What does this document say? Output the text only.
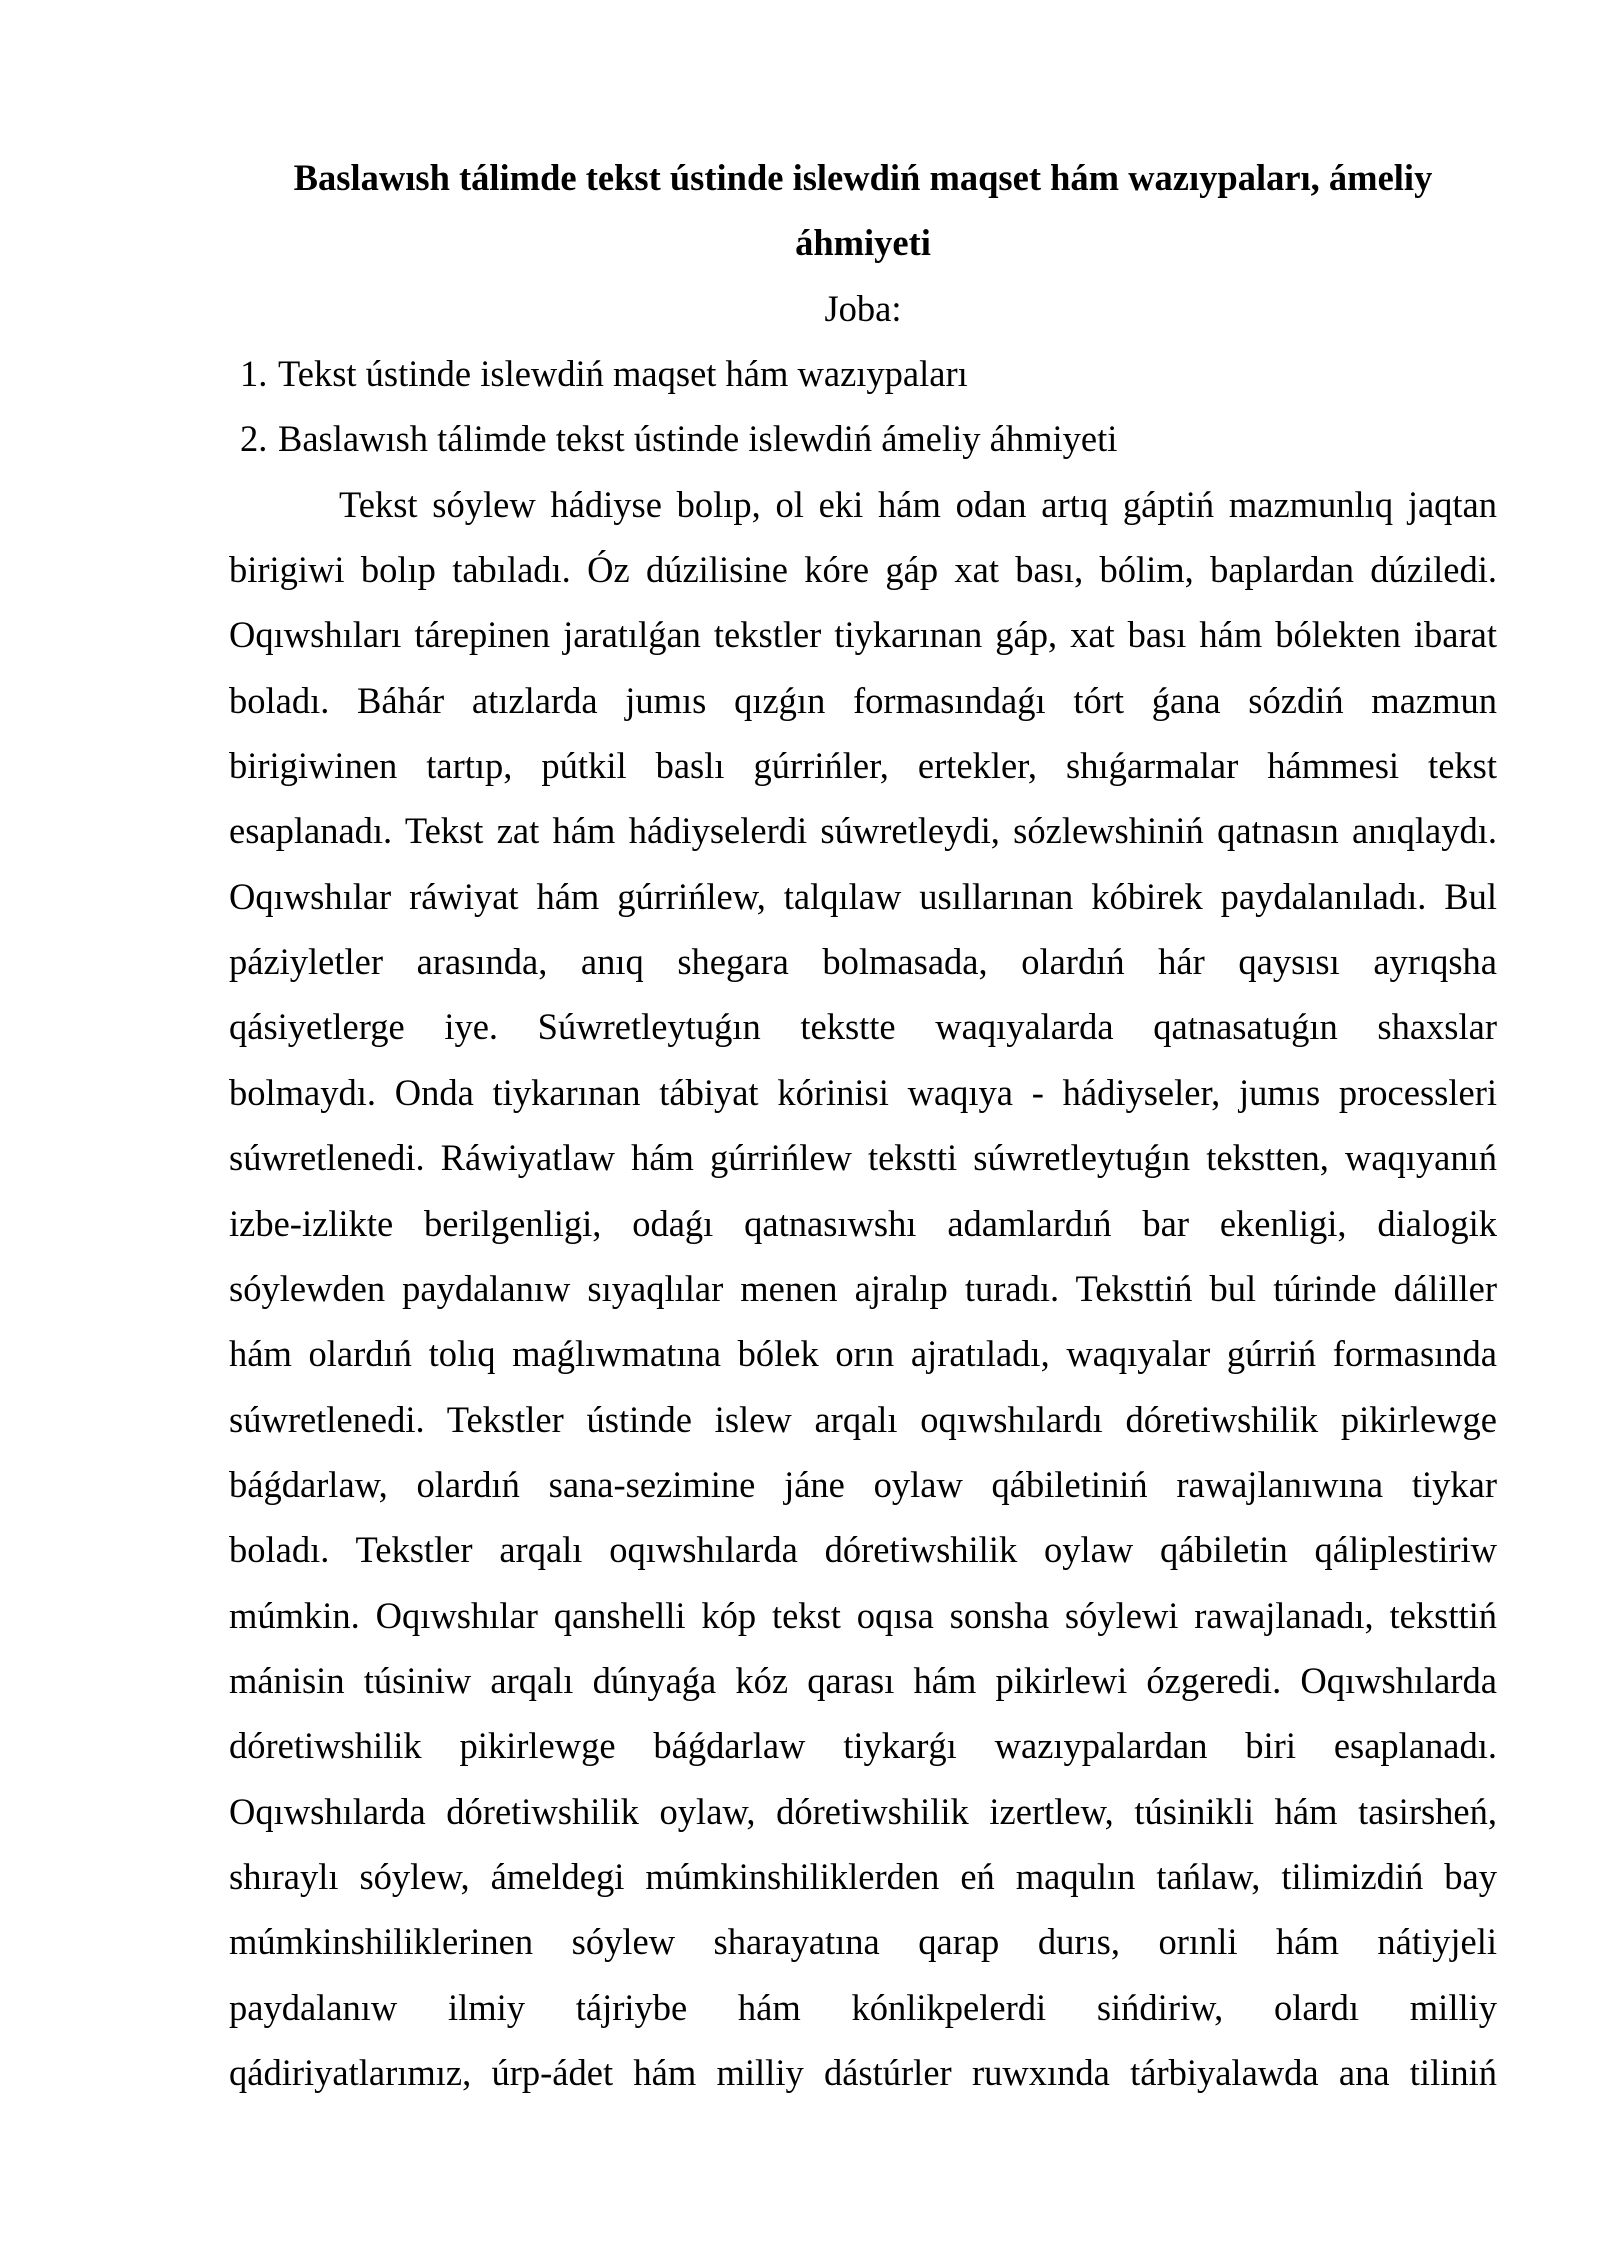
Baslawısh tálimde tekst ústinde islewdiń maqset hám wazıypaları, ámeliy
áhmiyeti
Joba:
1. Tekst ústinde islewdiń maqset hám wazıypaları
2. Baslawısh tálimde tekst ústinde islewdiń ámeliy áhmiyeti
Tekst sóylew hádiyse bolıp, ol eki hám odan artıq gáptiń mazmunlıq jaqtan
birigiwi bolıp tabıladı. Óz dúzilisine kóre gáp xat bası, bólim, baplardan dúziledi.
Oqıwshıları tárepinen jaratılǵan tekstler tiykarınan gáp, xat bası hám bólekten ibarat
boladı. Báhár atızlarda jumıs qızǵın formasındaǵı tórt ǵana sózdiń mazmun
birigiwinen tartıp, pútkil baslı gúrrińler, ertekler, shıǵarmalar hámmesi tekst
esaplanadı. Tekst zat hám hádiyselerdi súwretleydi, sózlewshiniń qatnasın anıqlaydı.
Oqıwshılar ráwiyat hám gúrrińlew, talqılaw usıllarınan kóbirek paydalanıladı. Bul
páziyletler arasında, anıq shegara bolmasada, olardıń hár qaysısı ayrıqsha
qásiyetlerge iye. Súwretleytuǵın tekstte waqıyalarda qatnasatuǵın shaxslar
bolmaydı. Onda tiykarınan tábiyat kórinisi waqıya - hádiyseler, jumıs processleri
súwretlenedi. Ráwiyatlaw hám gúrrińlew tekstti súwretleytuǵın tekstten, waqıyanıń
izbe-izlikte berilgenligi, odaǵı qatnasıwshı adamlardıń bar ekenligi, dialogik
sóylewden paydalanıw sıyaqlılar menen ajralıp turadı. Teksttiń bul túrinde dáliller
hám olardıń tolıq maǵlıwmatına bólek orın ajratıladı, waqıyalar gúrriń formasında
súwretlenedi. Tekstler ústinde islew arqalı oqıwshılardı dóretiwshilik pikirlewge
báǵdarlaw, olardıń sana-sezimine jáne oylaw qábiletiniń rawajlanıwına tiykar
boladı. Tekstler arqalı oqıwshılarda dóretiwshilik oylaw qábiletin qáliplestiriw
múmkin. Oqıwshılar qanshelli kóp tekst oqısa sonsha sóylewi rawajlanadı, teksttiń
mánisin túsiniw arqalı dúnyaǵa kóz qarası hám pikirlewi ózgeredi. Oqıwshılarda
dóretiwshilik pikirlewge báǵdarlaw tiykarǵı wazıypalardan biri esaplanadı.
Oqıwshılarda dóretiwshilik oylaw, dóretiwshilik izertlew, túsinikli hám tasirsheń,
shıraylı sóylew, ámeldegi múmkinshiliklerden eń maqulın tańlaw, tilimizdiń bay
múmkinshiliklerinen sóylew sharayatına qarap durıs, orınli hám nátiyjeli
paydalanıw ilmiy tájriybe hám kónlikpelerdi sińdiriw, olardı milliy
qádiriyatlarımız, úrp-ádet hám milliy dástúrler ruwxında tárbiyalawda ana tiliniń
